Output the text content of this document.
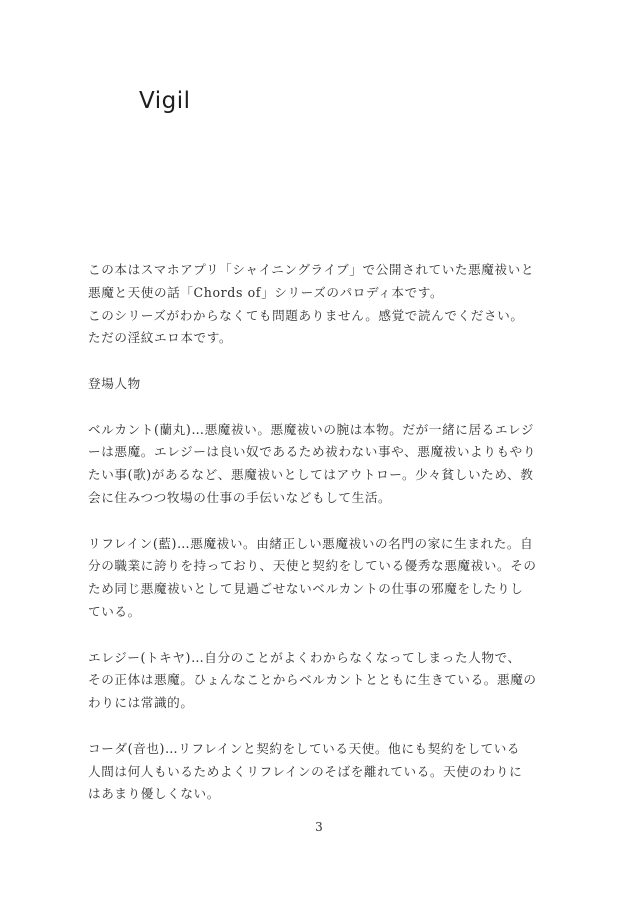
Vigil

この本はスマホアプリ「シャイニングライブ」で公開されていた悪魔祓いと
悪魔と天使の話「Chords of」シリーズのパロディ本です。
このシリーズがわからなくても問題ありません。感覚で読んでください。
ただの淫紋エロ本です。

登場人物

ベルカント(蘭丸)…悪魔祓い。悪魔祓いの腕は本物。だが一緒に居るエレジ
ーは悪魔。エレジーは良い奴であるため祓わない事や、悪魔祓いよりもやり
たい事(歌)があるなど、悪魔祓いとしてはアウトロー。少々貧しいため、教
会に住みつつ牧場の仕事の手伝いなどもして生活。

リフレイン(藍)…悪魔祓い。由緒正しい悪魔祓いの名門の家に生まれた。自
分の職業に誇りを持っており、天使と契約をしている優秀な悪魔祓い。その
ため同じ悪魔祓いとして見過ごせないベルカントの仕事の邪魔をしたりし
ている。

エレジー(トキヤ)…自分のことがよくわからなくなってしまった人物で、
その正体は悪魔。ひょんなことからベルカントとともに生きている。悪魔の
わりには常識的。

コーダ(音也)…リフレインと契約をしている天使。他にも契約をしている
人間は何人もいるためよくリフレインのそばを離れている。天使のわりに
はあまり優しくない。

3
